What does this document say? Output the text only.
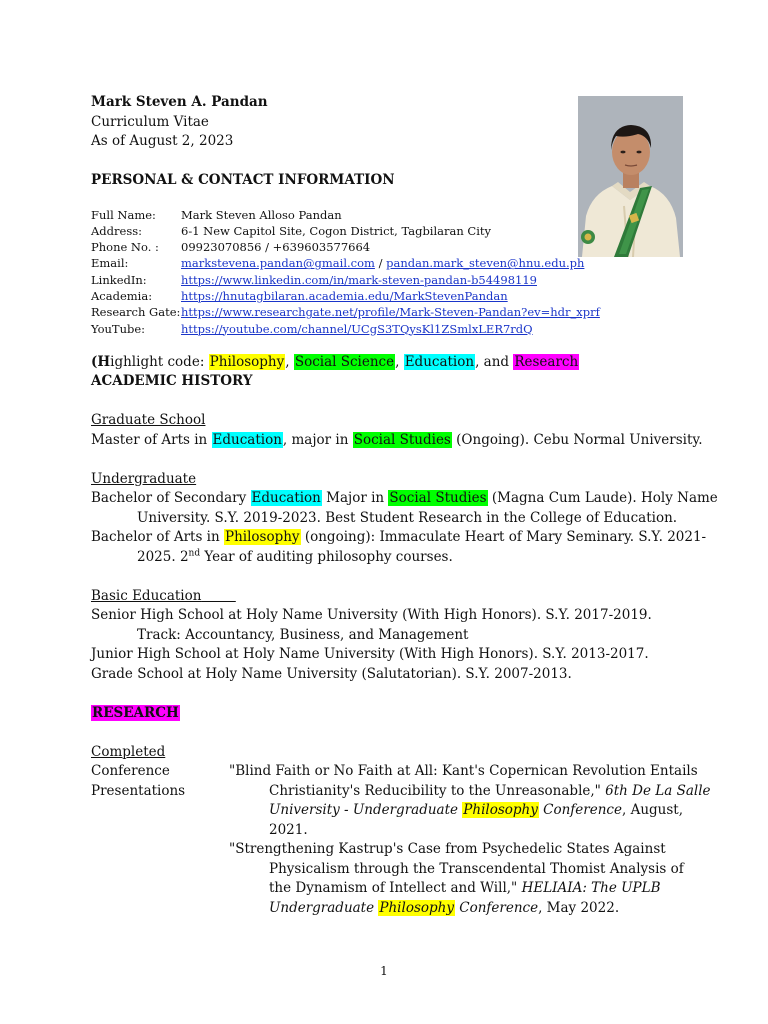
Mark Steven A. Pandan
Curriculum Vitae
As of August 2, 2023
PERSONAL & CONTACT INFORMATION
Full Name:	Mark Steven Alloso Pandan
Address:	6-1 New Capitol Site, Cogon District, Tagbilaran City
Phone No. :	09923070856 / +639603577664
Email:	markstevena.pandan@gmail.com / pandan.mark_steven@hnu.edu.ph
LinkedIn:	https://www.linkedin.com/in/mark-steven-pandan-b54498119
Academia:	https://hnutagbilaran.academia.edu/MarkStevenPandan
Research Gate: https://www.researchgate.net/profile/Mark-Steven-Pandan?ev=hdr_xprf
YouTube:	https://youtube.com/channel/UCgS3TQysKl1ZSmlxLER7rdQ
(Highlight code: Philosophy, Social Science, Education, and Research
ACADEMIC HISTORY
Graduate School
Master of Arts in Education, major in Social Studies (Ongoing). Cebu Normal University.
Undergraduate
Bachelor of Secondary Education Major in Social Studies (Magna Cum Laude). Holy Name
University. S.Y. 2019-2023. Best Student Research in the College of Education.
Bachelor of Arts in Philosophy (ongoing): Immaculate Heart of Mary Seminary. S.Y. 2021-
2025. 2nd Year of auditing philosophy courses.
Basic Education
Senior High School at Holy Name University (With High Honors). S.Y. 2017-2019.
Track: Accountancy, Business, and Management
Junior High School at Holy Name University (With High Honors). S.Y. 2013-2017.
Grade School at Holy Name University (Salutatorian). S.Y. 2007-2013.
RESEARCH
Completed
Conference
Presentations
"Blind Faith or No Faith at All: Kant's Copernican Revolution Entails
Christianity's Reducibility to the Unreasonable," 6th De La Salle
University - Undergraduate Philosophy Conference, August,
2021.
"Strengthening Kastrup's Case from Psychedelic States Against
Physicalism through the Transcendental Thomist Analysis of
the Dynamism of Intellect and Will," HELIAIA: The UPLB
Undergraduate Philosophy Conference, May 2022.
1
